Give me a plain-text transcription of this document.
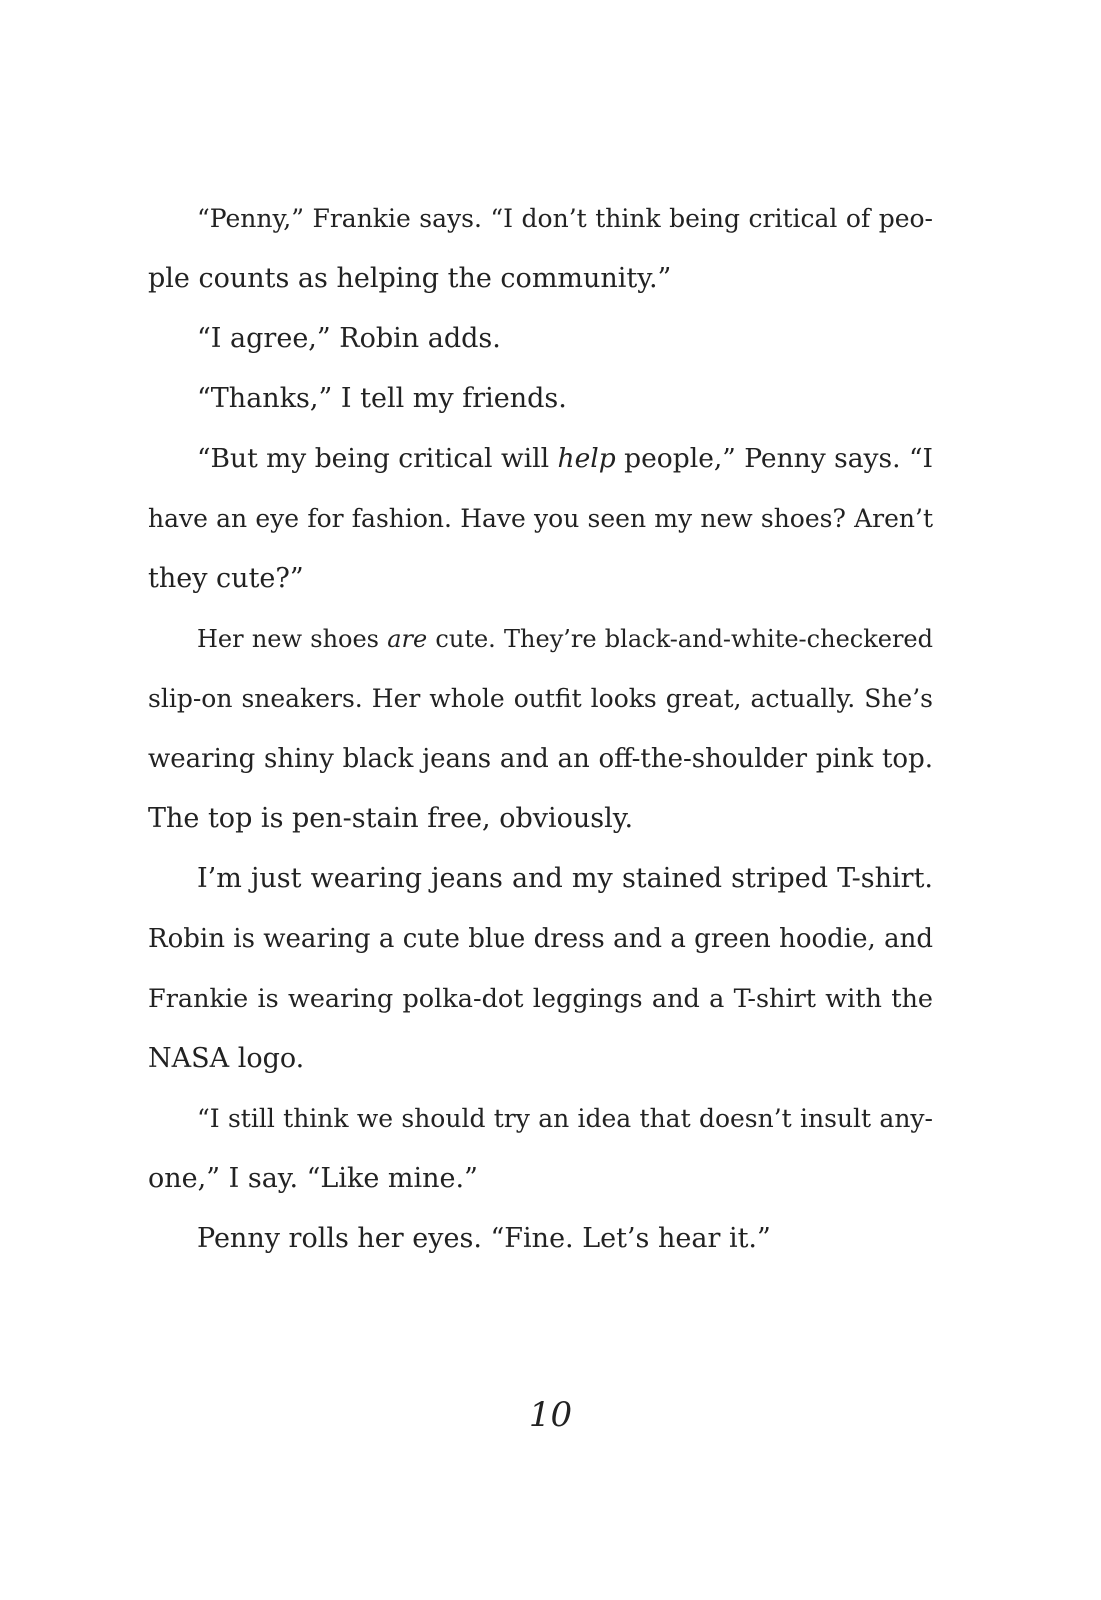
“Penny,” Frankie says. “I don’t think being critical of peo-
ple counts as helping the community.”
“I agree,” Robin adds.
“Thanks,” I tell my friends.
“But my being critical will help people,” Penny says. “I
have an eye for fashion. Have you seen my new shoes? Aren’t
they cute?”
Her new shoes are cute. They’re black-and-white-checkered
slip-on sneakers. Her whole outfit looks great, actually. She’s
wearing shiny black jeans and an off-the-shoulder pink top.
The top is pen-stain free, obviously.
I’m just wearing jeans and my stained striped T-shirt.
Robin is wearing a cute blue dress and a green hoodie, and
Frankie is wearing polka-dot leggings and a T-shirt with the
NASA logo.
“I still think we should try an idea that doesn’t insult any-
one,” I say. “Like mine.”
Penny rolls her eyes. “Fine. Let’s hear it.”
10
